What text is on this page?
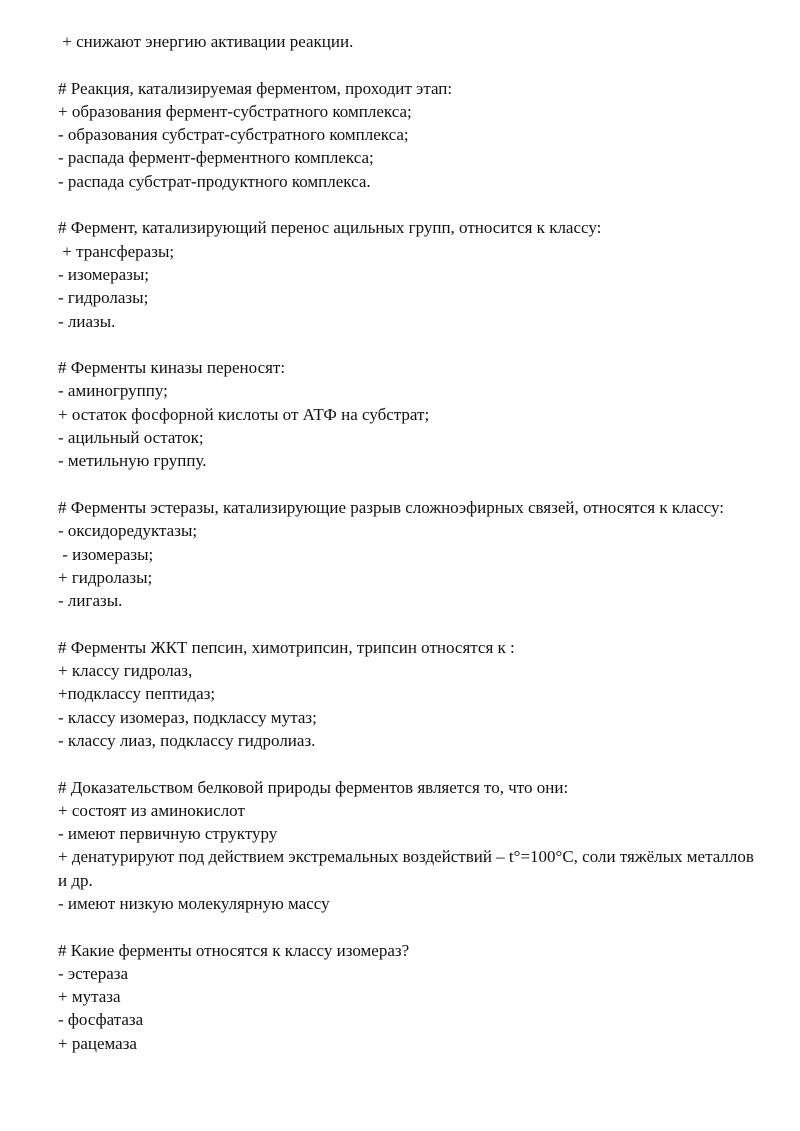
+ снижают энергию активации реакции.

# Реакция, катализируемая ферментом, проходит этап:

+ образования фермент-субстратного комплекса;

- образования субстрат-субстратного комплекса;

- распада фермент-ферментного комплекса;

- распада субстрат-продуктного комплекса.

# Фермент, катализирующий перенос ацильных групп, относится к классу:

+ трансферазы;

- изомеразы;

- гидролазы;

- лиазы.

# Ферменты киназы переносят:

- аминогруппу;

+ остаток фосфорной кислоты от АТФ на субстрат;

- ацильный остаток;

- метильную группу.

# Ферменты эстеразы, катализирующие разрыв сложноэфирных связей, относятся к классу:

- оксидоредуктазы;

- изомеразы;

+ гидролазы;

- лигазы.

# Ферменты ЖКТ пепсин, химотрипсин, трипсин относятся к :

+ классу гидролаз,

+подклассу пептидаз;

- классу изомераз, подклассу мутаз;

- классу лиаз, подклассу гидролиаз.

# Доказательством белковой природы ферментов является то, что они:

+ состоят из аминокислот

- имеют первичную структуру

+ денатурируют под действием экстремальных воздействий – t°=100°C, соли тяжёлых металлов и др.

- имеют низкую молекулярную массу

# Какие ферменты относятся к классу изомераз?

- эстераза

+ мутаза

- фосфатаза

+ рацемаза
